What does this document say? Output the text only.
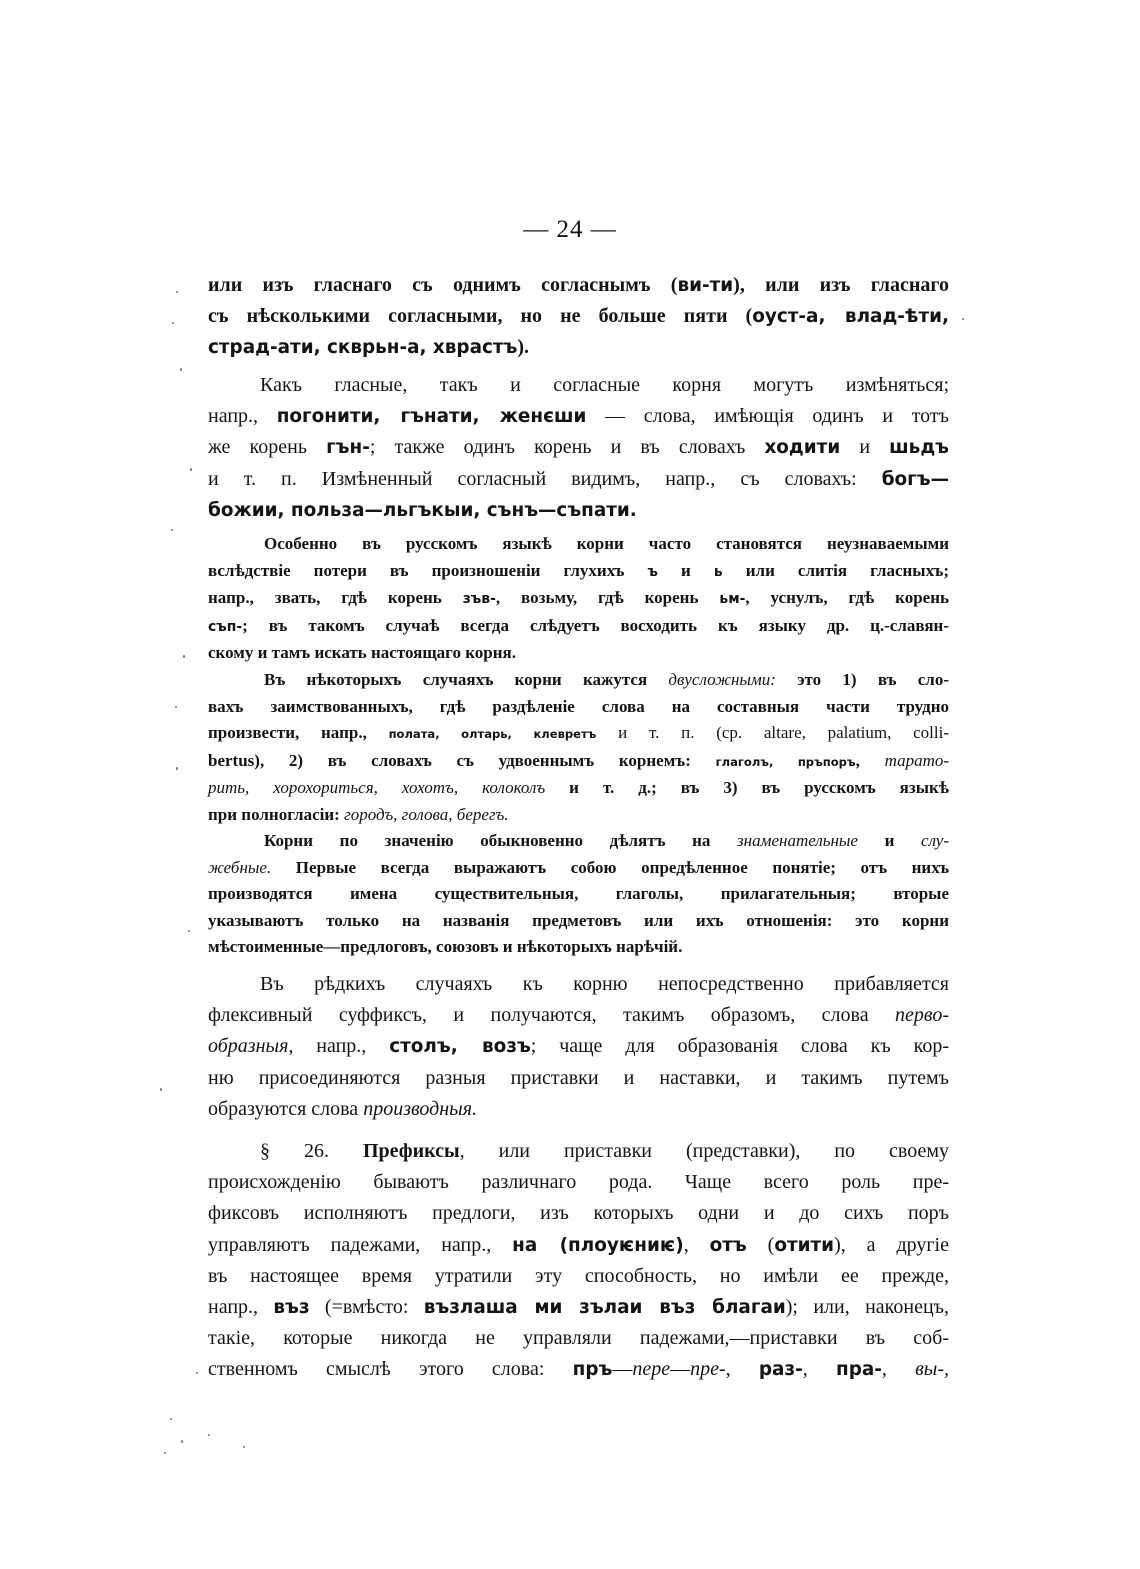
— 24 —
или изъ гласнаго съ однимъ согласнымъ (ви-ти), или изъ гласнаго
съ нѣсколькими согласными, но не больше пяти (оуст-а, влад-ѣти,
страд-ати, скврьн-а, хврастъ).
Какъ гласные, такъ и согласные корня могутъ измѣняться;
напр., погонити, гънати, женєши — слова, имѣющія одинъ и тотъ
же корень гън-; также одинъ корень и въ словахъ ходити и шьдъ
и т. п. Измѣненный согласный видимъ, напр., съ словахъ: богъ—
божии, польза—льгъкыи, сънъ—съпати.
Особенно въ русскомъ языкѣ корни часто становятся неузнаваемыми
вслѣдствіе потери въ произношеніи глухихъ ъ и ь или слитія гласныхъ;
напр., звать, гдѣ корень зъв-, возьму, гдѣ корень ьм-, уснулъ, гдѣ корень
съп-; въ такомъ случаѣ всегда слѣдуетъ восходить къ языку др. ц.-славян-
скому и тамъ искать настоящаго корня.
Въ нѣкоторыхъ случаяхъ корни кажутся двусложными: это 1) въ сло-
вахъ заимствованныхъ, гдѣ раздѣленіе слова на составныя части трудно
произвести, напр., полата, олтарь, клевретъ и т. п. (ср. altare, palatium, colli-
bertus), 2) въ словахъ съ удвоеннымъ корнемъ: глаголъ, пръпоръ, тарато-
рить, хорохориться, хохотъ, колоколъ и т. д.; въ 3) въ русскомъ языкѣ
при полногласіи: городъ, голова, берегъ.
Корни по значенію обыкновенно дѣлятъ на знаменательные и слу-
жебные. Первые всегда выражаютъ собою опредѣленное понятіе; отъ нихъ
производятся имена существительныя, глаголы, прилагательныя; вторые
указываютъ только на названія предметовъ или ихъ отношенія: это корни
мѣстоименные—предлоговъ, союзовъ и нѣкоторыхъ нарѣчій.
Въ рѣдкихъ случаяхъ къ корню непосредственно прибавляется
флексивный суффиксъ, и получаются, такимъ образомъ, слова перво-
образныя, напр., столъ, возъ; чаще для образованія слова къ кор-
ню присоединяются разныя приставки и наставки, и такимъ путемъ
образуются слова производныя.
§ 26. Префиксы, или приставки (представки), по своему
происхожденію бываютъ различнаго рода. Чаще всего роль пре-
фиксовъ исполняютъ предлоги, изъ которыхъ одни и до сихъ поръ
управляютъ падежами, напр., на (плоуѥниѥ), отъ (отити), а другіе
въ настоящее время утратили эту способность, но имѣли ее прежде,
напр., въз (=вмѣсто: възлаша ми зълаи въз благаи); или, наконецъ,
такіе, которые никогда не управляли падежами,—приставки въ соб-
ственномъ смыслѣ этого слова: пръ—пере—пре-, раз-, пра-, вы-,
